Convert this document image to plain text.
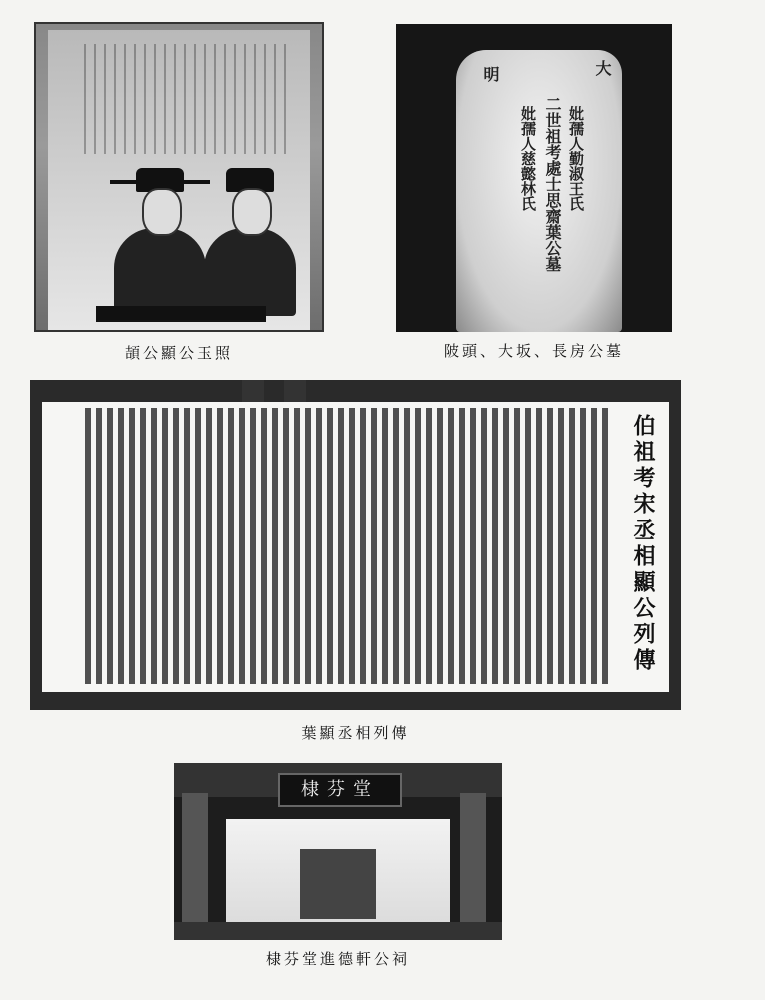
頡公顯公玉照
大
明
二世祖考處士思齋葉公墓 妣孺人勤淑王氏
妣孺人慈懿林氏
陂頭、大坂、長房公墓
伯祖考宋丞相顯公列傳
葉顯丞相列傳
棣芬堂
棣芬堂進德軒公祠
